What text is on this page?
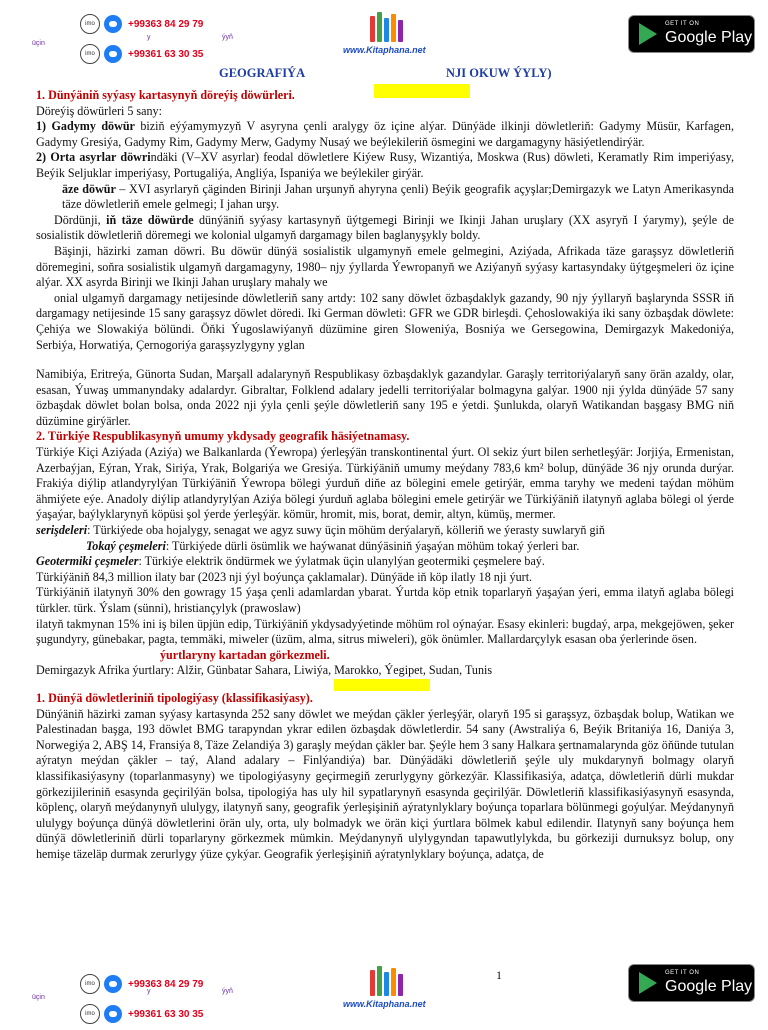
imo	+99363 84 29 79
imo	+99361 63 30 35
üçin
y	ýyň
www.Kitaphana.net
GET IT ON
Google Play
GEOGRAFIÝA	NJI OKUW ÝYLY)

1. Dünýäniň syýasy kartasynyň döreýiş döwürleri.

Döreýiş döwürleri 5 sany:

1) Gadymy döwür biziň eýýamymyzyň V asyryna çenli aralygy öz içine alýar. Dünýäde ilkinji döwletleriň: Gadymy Müsür, Karfagen, Gadymy Gresiýa, Gadymy Rim, Gadymy Merw, Gadymy Nusaý we beýlekileriň ösmegini we dargamagyny häsiýetlendirýär.

2) Orta asyrlar döwrindäki (V–XV asyrlar) feodal döwletlere Kiýew Rusy, Wizantiýa, Moskwa (Rus) döwleti, Keramatly Rim imperiýasy, Beýik Seljuklar imperiýasy, Portugaliýa, Angliýa, Ispaniýa we beýlekiler girýär.

äze döwür – XVI asyrlaryň çäginden Birinji Jahan urşunyň ahyryna çenli) Beýik geografik açyşlar;Demirgazyk we Latyn Amerikasynda täze döwletleriň emele gelmegi; I jahan urşy.

Dördünji, iň täze döwürde dünýäniň syýasy kartasynyň üýtgemegi Birinji we Ikinji Jahan uruşlary (XX asyryň I ýarymy), şeýle de sosialistik döwletleriň döremegi we kolonial ulgamyň dargamagy bilen baglanyşykly boldy.

Bäşinji, häzirki zaman döwri. Bu döwür dünýä sosialistik ulgamynyň emele gelmegini, Aziýada, Afrikada täze garaşsyz döwletleriň döremegini, soňra sosialistik ulgamyň dargamagyny, 1980– njy ýyllarda Ýewropanyň we Aziýanyň syýasy kartasyndaky üýtgeşmeleri öz içine alýar. XX asyrda Birinji we Ikinji Jahan uruşlary mahaly we

onial ulgamyň dargamagy netijesinde döwletleriň sany artdy: 102 sany döwlet özbaşdaklyk gazandy, 90 njy ýyllaryň başlarynda SSSR iň dargamagy netijesinde 15 sany garaşsyz döwlet döredi. Iki German döwleti: GFR we GDR birleşdi. Çehoslowakiýa iki sany özbaşdak döwlete: Çehiýa we Slowakiýa bölündi. Öňki Ýugoslawiýanyň düzümine giren Sloweniýa, Bosniýa we Gersegowina, Demirgazyk Makedoniýa, Serbiýa, Horwatiýa, Çernogoriýa garaşsyzlygyny yglan

Namibiýa, Eritreýa, Günorta Sudan, Marşall adalarynyň Respublikasy özbaşdaklyk gazandylar. Garaşly territoriýalaryň sany örän azaldy, olar, esasan, Ýuwaş ummanyndaky adalardyr. Gibraltar, Folklend adalary jedelli territoriýalar bolmagyna galýar. 1900 nji ýylda dünýäde 57 sany özbaşdak döwlet bolan bolsa, onda 2022 nji ýyla çenli şeýle döwletleriň sany 195 e ýetdi. Şunlukda, olaryň Watikandan başgasy BMG niň düzümine girýärler.

2. Türkiýe Respublikasynyň umumy ykdysady geografik häsiýetnamasy.

Türkiýe Kiçi Aziýada (Aziýa) we Balkanlarda (Ýewropa) ýerleşýän transkontinental ýurt. Ol sekiz ýurt bilen serhetleşýär: Jorjiýa, Ermenistan, Azerbaýjan, Eýran, Yrak, Siriýa, Yrak, Bolgariýa we Gresiýa. Türkiýäniň umumy meýdany 783,6 km² bolup, dünýäde 36 njy orunda durýar. Frakiýa diýlip atlandyrylýan Türkiýäniň Ýewropa bölegi ýurduň diňe az bölegini emele getirýär, emma taryhy we medeni taýdan möhüm ähmiýete eýe. Anadoly diýlip atlandyrylýan Aziýa bölegi ýurduň aglaba bölegini emele getirýär we Türkiýäniň ilatynyň aglaba bölegi ol ýerde ýaşaýar, baýlyklarynyň köpüsi şol ýerde ýerleşýär. kömür, hromit, mis, borat, demir, altyn, kümüş, mermer.

serişdeleri: Türkiýede oba hojalygy, senagat we agyz suwy üçin möhüm derýalaryň, kölleriň we ýerasty suwlaryň giň

Tokaý çeşmeleri: Türkiýede dürli ösümlik we haýwanat dünýäsiniň ýaşaýan möhüm tokaý ýerleri bar.

Geotermiki çeşmeler: Türkiýe elektrik öndürmek we ýylatmak üçin ulanylýan geotermiki çeşmelere baý.

Türkiýäniň 84,3 million ilaty bar (2023 nji ýyl boýunça çaklamalar). Dünýäde iň köp ilatly 18 nji ýurt.

Türkiýäniň ilatynyň 30% den gowragy 15 ýaşa çenli adamlardan ybarat. Ýurtda köp etnik toparlaryň ýaşaýan ýeri, emma ilatyň aglaba bölegi türkler. türk. Ýslam (sünni), hristiançylyk (prawoslaw)

ilatyň takmynan 15% ini iş bilen üpjün edip, Türkiýäniň ykdysadyýetinde möhüm rol oýnaýar. Esasy ekinleri: bugdaý, arpa, mekgejöwen, şeker şugundyry, günebakar, pagta, temmäki, miweler (üzüm, alma, sitrus miweleri), gök önümler. Mallardarçylyk esasan oba ýerlerinde ösen.

ýurtlaryny kartadan görkezmeli.

Demirgazyk Afrika ýurtlary: Alžir, Günbatar Sahara, Liwiýa, Marokko, Ýegipet, Sudan, Tunis

1. Dünýä döwletleriniň tipologiýasy (klassifikasiýasy).

Dünýäniň häzirki zaman syýasy kartasynda 252 sany döwlet we meýdan çäkler ýerleşýär, olaryň 195 si garaşsyz, özbaşdak bolup, Watikan we Palestinadan başga, 193 döwlet BMG tarapyndan ykrar edilen özbaşdak döwletlerdir. 54 sany (Awstraliýa 6, Beýik Britaniýa 16, Daniýa 3, Norwegiýa 2, ABŞ 14, Fransiýa 8, Täze Zelandiýa 3) garaşly meýdan çäkler bar. Şeýle hem 3 sany Halkara şertnamalarynda göz öňünde tutulan aýratyn meýdan çäkler – taý, Aland adalary – Finlýandiýa) bar. Dünýädäki döwletleriň şeýle uly mukdarynyň bolmagy olaryň klassifikasiýasyny (toparlanmasyny) we tipologiýasyny geçirmegiň zerurlygyny görkezýär. Klassifikasiýa, adatça, döwletleriň dürli mukdar görkezijileriniň esasynda geçirilýän bolsa, tipologiýa has uly hil sypatlarynyň esasynda geçirilýär. Döwletleriň klassifikasiýasynyň esasynda, köplenç, olaryň meýdanynyň ululygy, ilatynyň sany, geografik ýerleşişiniň aýratynlyklary boýunça toparlara bölünmegi goýulýar. Meýdanynyň ululygy boýunça dünýä döwletlerini örän uly, orta, uly bolmadyk we örän kiçi ýurtlara bölmek kabul edilendir. Ilatynyň sany boýunça hem dünýä döwletleriniň dürli toparlaryny görkezmek mümkin. Meýdanynyň ulylygyndan tapawutlylykda, bu görkeziji durnuksyz bolup, ony hemişe täzeläp durmak zerurlygy ýüze çykýar. Geografik ýerleşişiniň aýratynlyklary boýunça, adatça, de

imo	+99363 84 29 79
imo	+99361 63 30 35
üçin
y	ýyň
www.Kitaphana.net
GET IT ON
Google Play
1
